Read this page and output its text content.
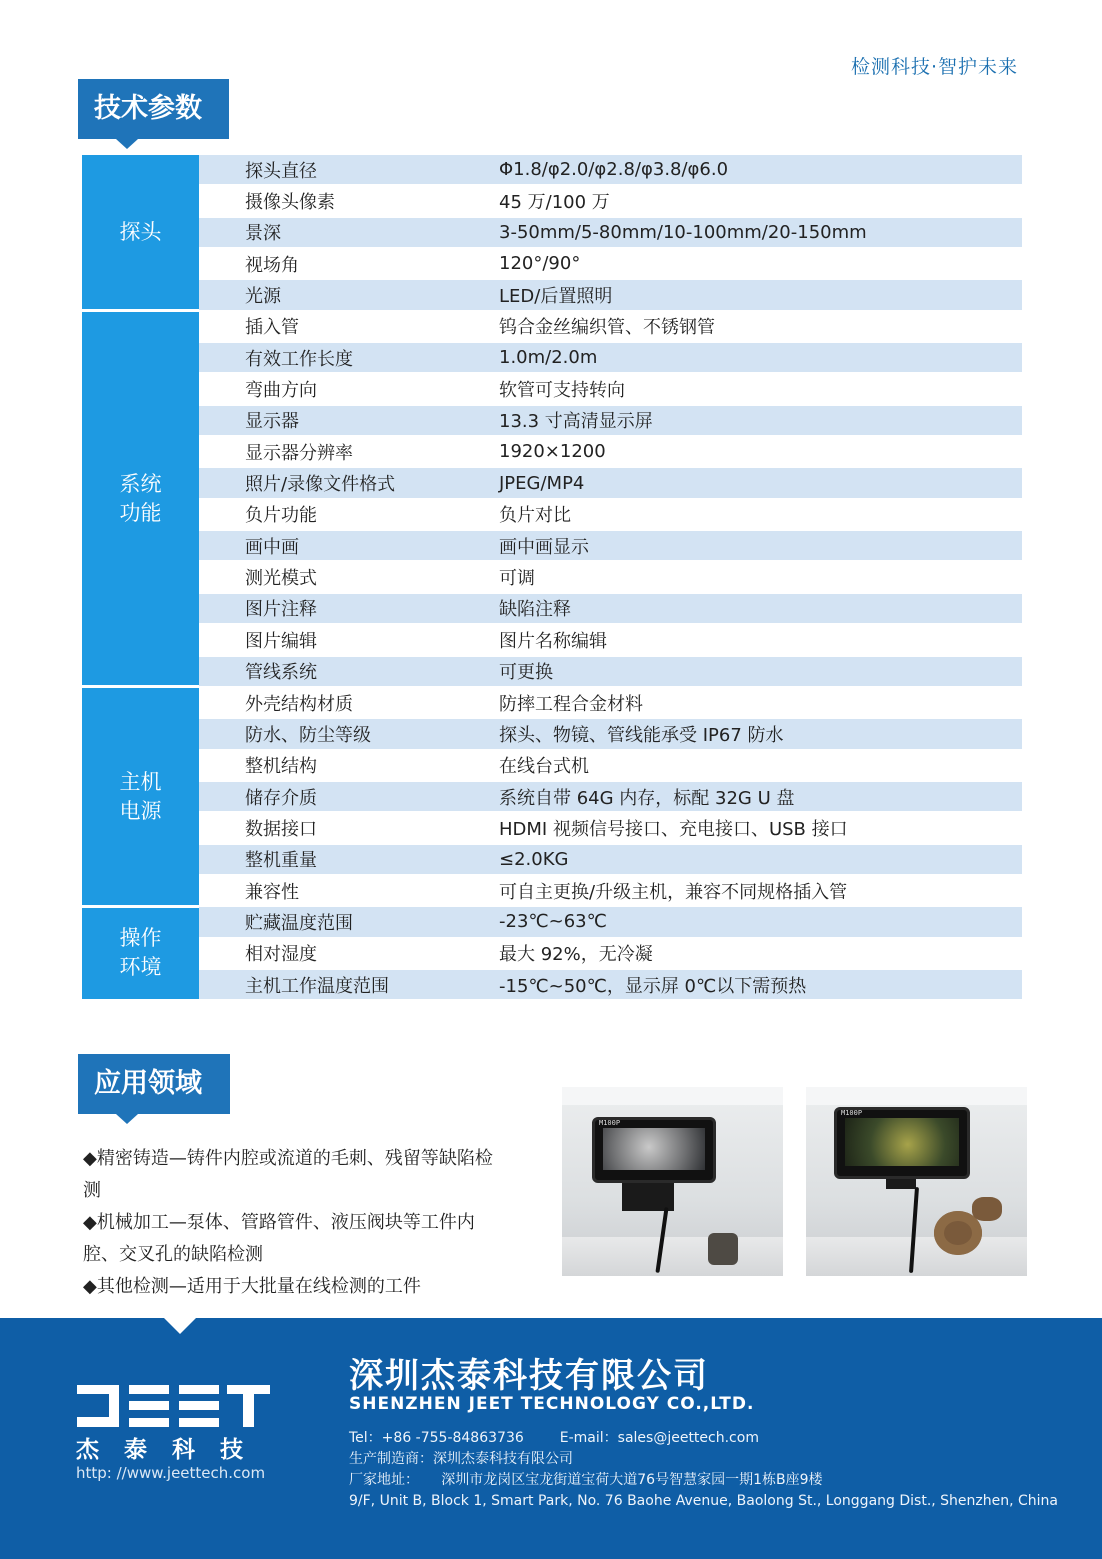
检测科技·智护未来
技术参数
探头	探头直径	Φ1.8/φ2.0/φ2.8/φ3.8/φ6.0
	摄像头像素	45 万/100 万
	景深	3-50mm/5-80mm/10-100mm/20-150mm
	视场角	120°/90°
	光源	LED/后置照明
系统
功能	插入管	钨合金丝编织管、不锈钢管
	有效工作长度	1.0m/2.0m
	弯曲方向	软管可支持转向
	显示器	13.3 寸高清显示屏
	显示器分辨率	1920×1200
	照片/录像文件格式	JPEG/MP4
	负片功能	负片对比
	画中画	画中画显示
	测光模式	可调
	图片注释	缺陷注释
	图片编辑	图片名称编辑
	管线系统	可更换
主机
电源	外壳结构材质	防摔工程合金材料
	防水、防尘等级	探头、物镜、管线能承受 IP67 防水
	整机结构	在线台式机
	储存介质	系统自带 64G 内存，标配 32G U 盘
	数据接口	HDMI 视频信号接口、充电接口、USB 接口
	整机重量	≤2.0KG
	兼容性	可自主更换/升级主机，兼容不同规格插入管
操作
环境	贮藏温度范围	-23℃~63℃
	相对湿度	最大 92%，无冷凝
	主机工作温度范围	-15℃~50℃，显示屏 0℃以下需预热
应用领域

◆精密铸造—铸件内腔或流道的毛刺、残留等缺陷检测

◆机械加工—泵体、管路管件、液压阀块等工件内腔、交叉孔的缺陷检测

◆其他检测—适用于大批量在线检测的工件

M100P
M100P
杰泰科技
http: //www.jeettech.com
深圳杰泰科技有限公司
SHENZHEN JEET TECHNOLOGY CO.,LTD.
Tel：+86 -755-84863736	E-mail：sales@jeettech.com
生产制造商：深圳杰泰科技有限公司
厂家地址：     深圳市龙岗区宝龙街道宝荷大道76号智慧家园一期1栋B座9楼
9/F, Unit B, Block 1, Smart Park, No. 76 Baohe Avenue, Baolong St., Longgang Dist., Shenzhen, China
